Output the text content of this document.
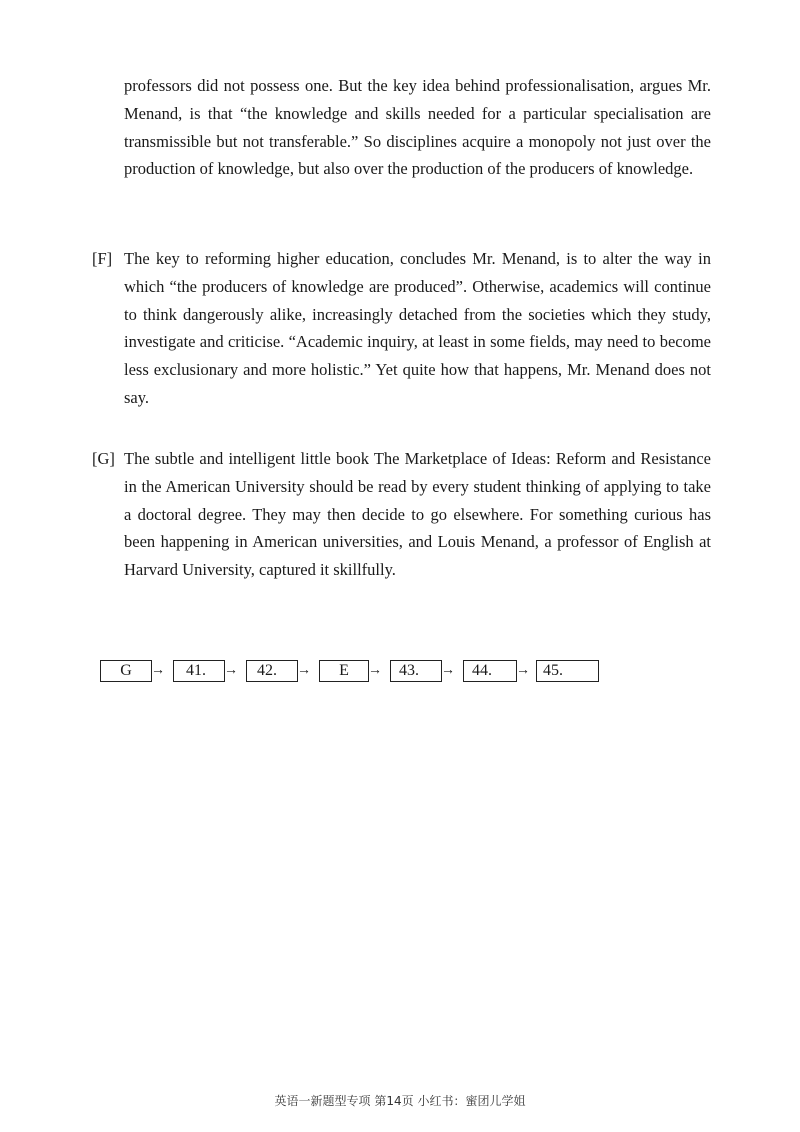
professors did not possess one. But the key idea behind professionalisation, argues Mr. Menand, is that “the knowledge and skills needed for a particular specialisation are transmissible but not transferable.” So disciplines acquire a monopoly not just over the production of knowledge, but also over the production of the producers of knowledge.
[F] The key to reforming higher education, concludes Mr. Menand, is to alter the way in which “the producers of knowledge are produced”. Otherwise, academics will continue to think dangerously alike, increasingly detached from the societies which they study, investigate and criticise. “Academic inquiry, at least in some fields, may need to become less exclusionary and more holistic.” Yet quite how that happens, Mr. Menand does not say.
[G] The subtle and intelligent little book The Marketplace of Ideas: Reform and Resistance in the American University should be read by every student thinking of applying to take a doctoral degree. They may then decide to go elsewhere. For something curious has been happening in American universities, and Louis Menand, a professor of English at Harvard University, captured it skillfully.
G	→	41.	→	42.	→	E	→	43.	→	44.	→ 45.
英语一新题型专项 第14页 小红书：蜜团儿学姐
